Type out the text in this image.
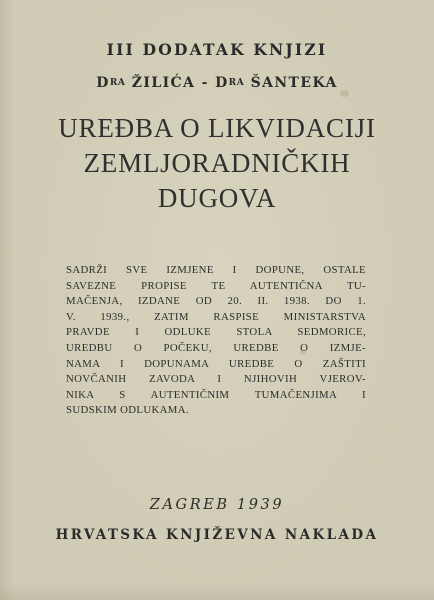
III DODATAK KNJIZI
DRA ŽILIĆA - DRA ŠANTEKA
UREĐBA O LIKVIDACIJI
ZEMLJORADNIČKIH
DUGOVA
SADRŽI SVE IZMJENE I DOPUNE, OSTALE
SAVEZNE PROPISE TE AUTENTIČNA TU-
MAČENJA, IZDANE OD 20. II. 1938. DO 1.
V. 1939., ZATIM RASPISE MINISTARSTVA
PRAVDE I ODLUKE STOLA SEDMORICE,
UREDBU O POČEKU, UREDBE O IZMJE-
NAMA I DOPUNAMA UREDBE O ZAŠTITI
NOVČANIH ZAVODA I NJIHOVIH VJEROV-
NIKA S AUTENTIČNIM TUMAČENJIMA I
SUDSKIM ODLUKAMA.
ZAGREB 1939
HRVATSKA KNJIŽEVNA NAKLADA
